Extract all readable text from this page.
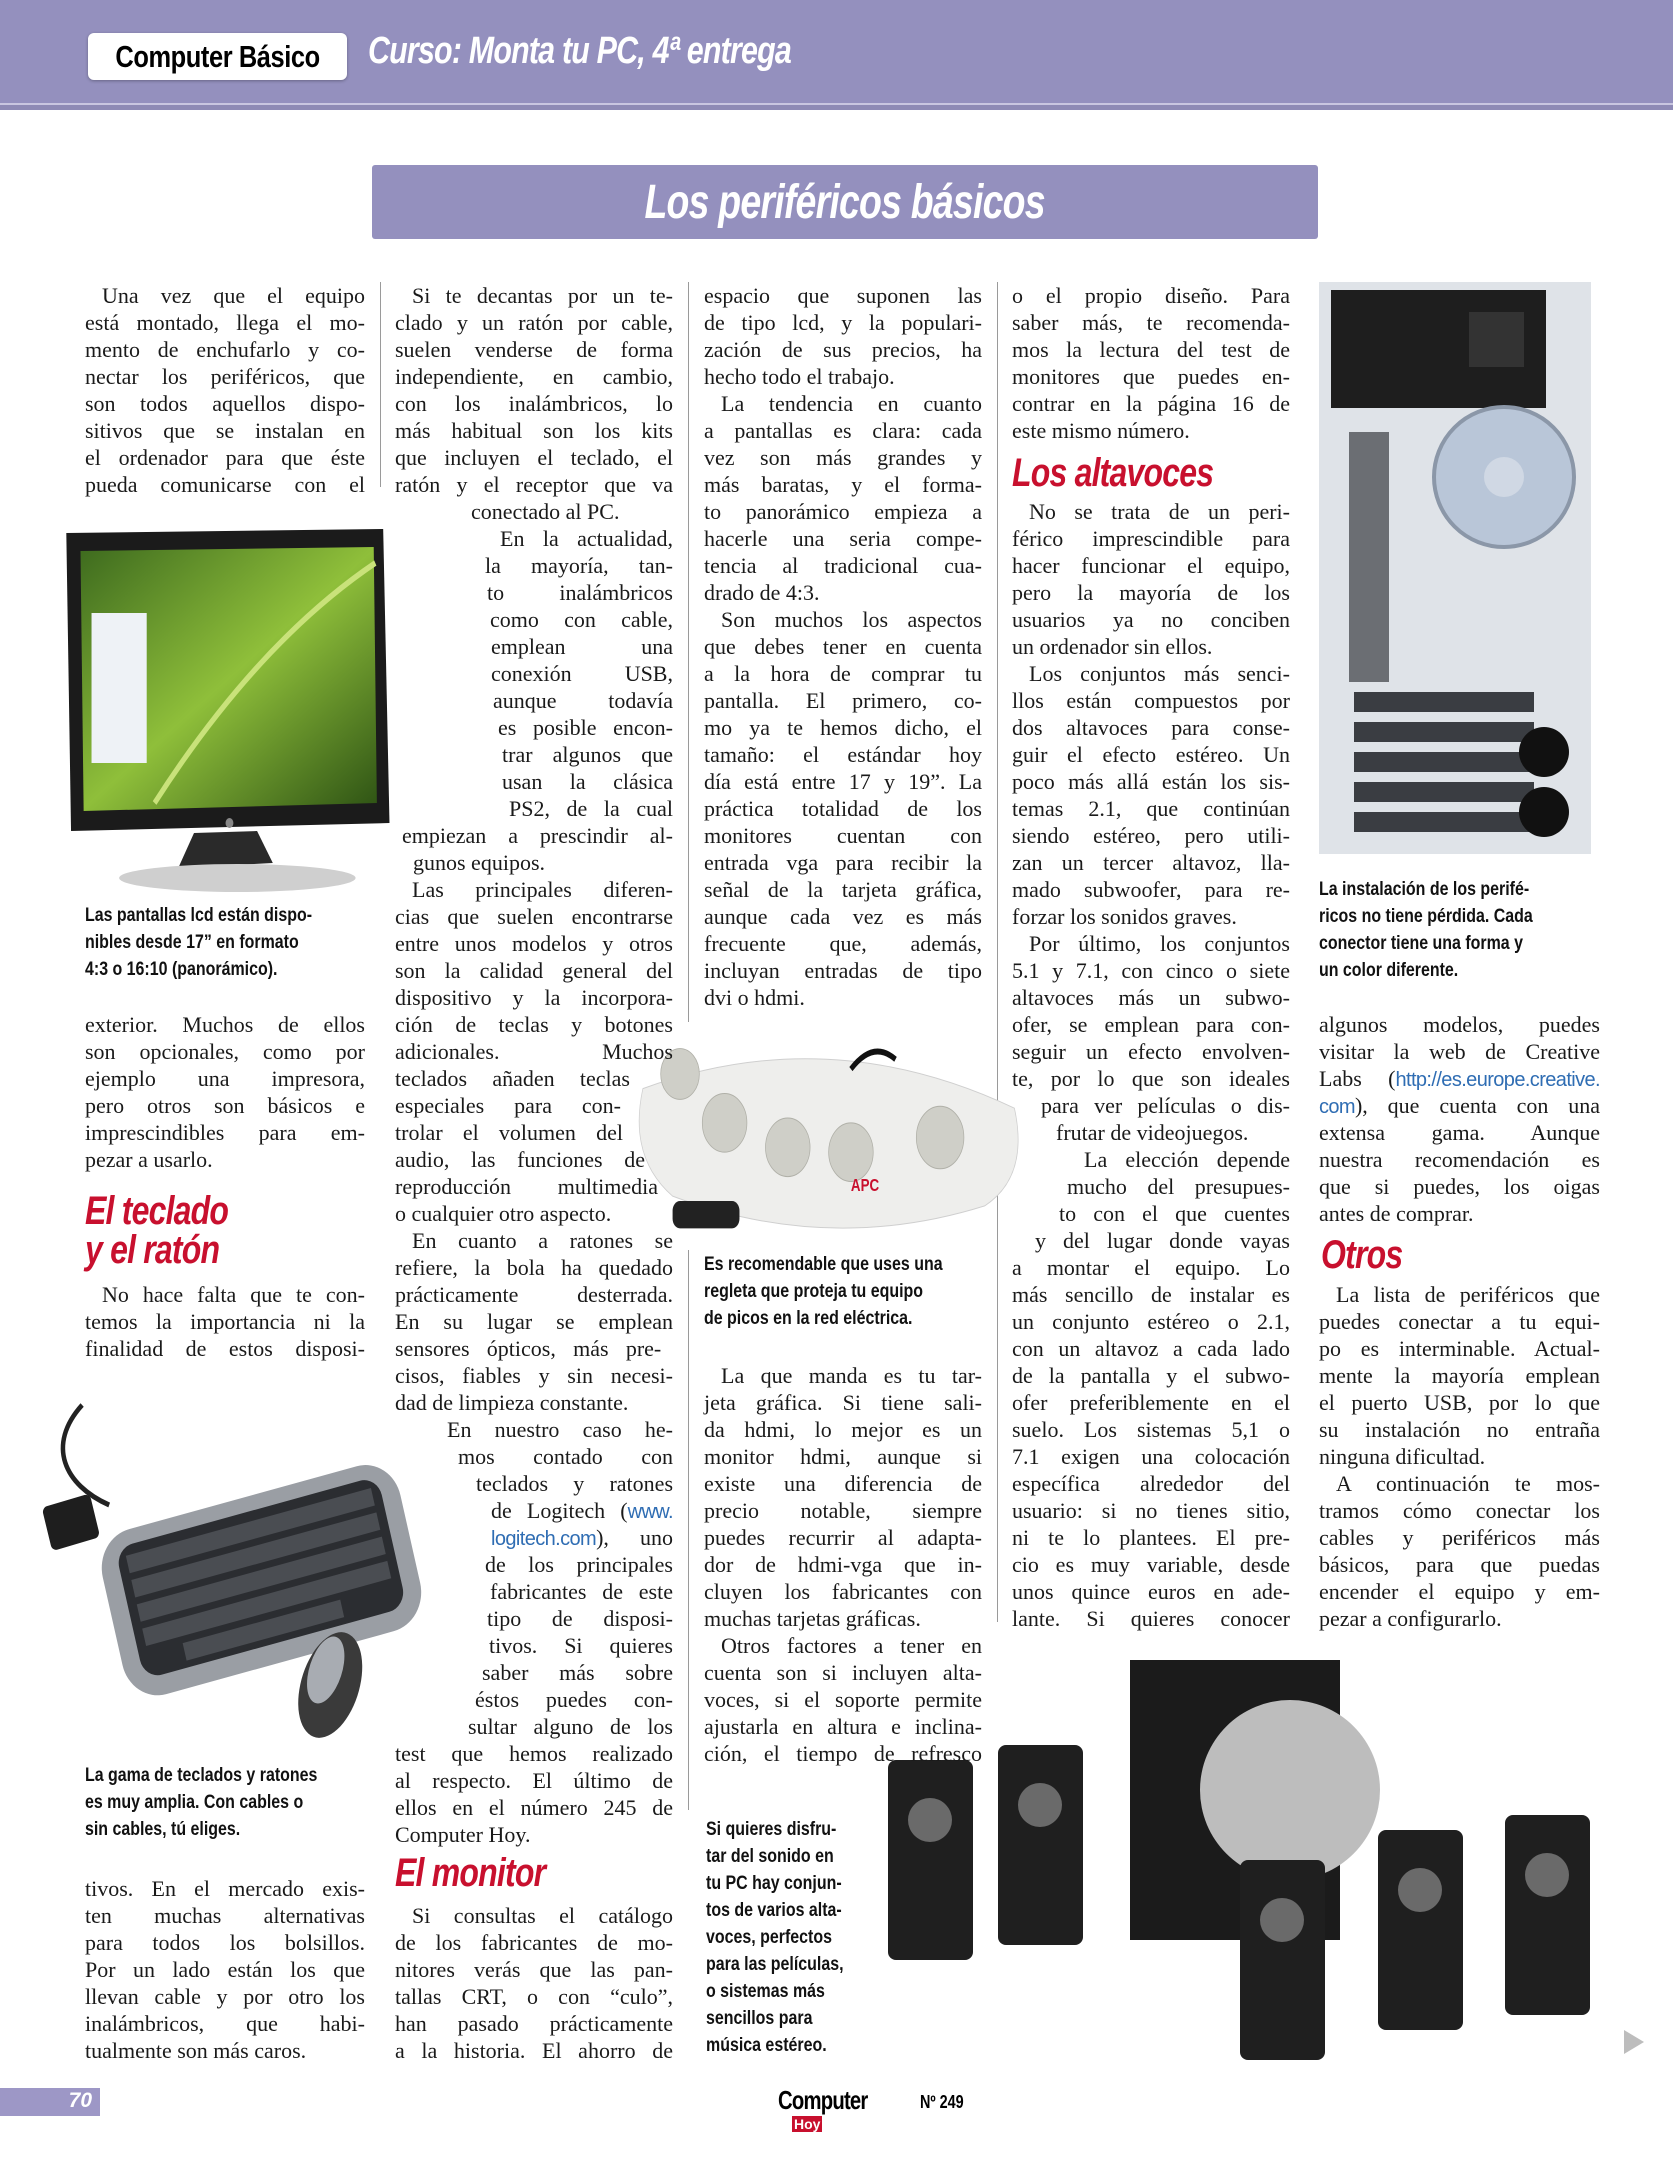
Computer Básico Curso: Monta tu PC, 4ª entrega
Los periféricos básicos
APC
Una vez que el equipo
está montado, llega el mo-
mento de enchufarlo y co-
nectar los periféricos, que
son todos aquellos dispo-
sitivos que se instalan en
el ordenador para que éste
pueda comunicarse con el
exterior. Muchos de ellos
son opcionales, como por
ejemplo una impresora,
pero otros son básicos e
imprescindibles para em-
pezar a usarlo.
No hace falta que te con-
temos la importancia ni la
finalidad de estos disposi-
tivos. En el mercado exis-
ten muchas alternativas
para todos los bolsillos.
Por un lado están los que
llevan cable y por otro los
inalámbricos, que habi-
tualmente son más caros.
Si te decantas por un te-
clado y un ratón por cable,
suelen venderse de forma
independiente, en cambio,
con los inalámbricos, lo
más habitual son los kits
que incluyen el teclado, el
ratón y el receptor que va
conectado al PC.
En la actualidad,
la mayoría, tan-
to inalámbricos
como con cable,
emplean una
conexión USB,
aunque todavía
es posible encon-
trar algunos que
usan la clásica
PS2, de la cual
empiezan a prescindir al-
gunos equipos.
Las principales diferen-
cias que suelen encontrarse
entre unos modelos y otros
son la calidad general del
dispositivo y la incorpora-
ción de teclas y botones
adicionales. Muchos
teclados añaden teclas
especiales para con-
trolar el volumen del
audio, las funciones de
reproducción multimedia
o cualquier otro aspecto.
En cuanto a ratones se
refiere, la bola ha quedado
prácticamente desterrada.
En su lugar se emplean
sensores ópticos, más pre-
cisos, fiables y sin necesi-
dad de limpieza constante.
En nuestro caso he-
mos contado con
teclados y ratones
de Logitech (www.
logitech.com), uno
de los principales
fabricantes de este
tipo de disposi-
tivos. Si quieres
saber más sobre
éstos puedes con-
sultar alguno de los
test que hemos realizado
al respecto. El último de
ellos en el número 245 de
Computer Hoy.
Si consultas el catálogo
de los fabricantes de mo-
nitores verás que las pan-
tallas CRT, o con “culo”,
han pasado prácticamente
a la historia. El ahorro de
espacio que suponen las
de tipo lcd, y la populari-
zación de sus precios, ha
hecho todo el trabajo.
La tendencia en cuanto
a pantallas es clara: cada
vez son más grandes y
más baratas, y el forma-
to panorámico empieza a
hacerle una seria compe-
tencia al tradicional cua-
drado de 4:3.
Son muchos los aspectos
que debes tener en cuenta
a la hora de comprar tu
pantalla. El primero, co-
mo ya te hemos dicho, el
tamaño: el estándar hoy
día está entre 17 y 19”. La
práctica totalidad de los
monitores cuentan con
entrada vga para recibir la
señal de la tarjeta gráfica,
aunque cada vez es más
frecuente que, además,
incluyan entradas de tipo
dvi o hdmi.
La que manda es tu tar-
jeta gráfica. Si tiene sali-
da hdmi, lo mejor es un
monitor hdmi, aunque si
existe una diferencia de
precio notable, siempre
puedes recurrir al adapta-
dor de hdmi-vga que in-
cluyen los fabricantes con
muchas tarjetas gráficas.
Otros factores a tener en
cuenta son si incluyen alta-
voces, si el soporte permite
ajustarla en altura e inclina-
ción, el tiempo de refresco
o el propio diseño. Para
saber más, te recomenda-
mos la lectura del test de
monitores que puedes en-
contrar en la página 16 de
este mismo número.
No se trata de un peri-
férico imprescindible para
hacer funcionar el equipo,
pero la mayoría de los
usuarios ya no conciben
un ordenador sin ellos.
Los conjuntos más senci-
llos están compuestos por
dos altavoces para conse-
guir el efecto estéreo. Un
poco más allá están los sis-
temas 2.1, que continúan
siendo estéreo, pero utili-
zan un tercer altavoz, lla-
mado subwoofer, para re-
forzar los sonidos graves.
Por último, los conjuntos
5.1 y 7.1, con cinco o siete
altavoces más un subwo-
ofer, se emplean para con-
seguir un efecto envolven-
te, por lo que son ideales
para ver películas o dis-
frutar de videojuegos.
La elección depende
mucho del presupues-
to con el que cuentes
y del lugar donde vayas
a montar el equipo. Lo
más sencillo de instalar es
un conjunto estéreo o 2.1,
con un altavoz a cada lado
de la pantalla y el subwo-
ofer preferiblemente en el
suelo. Los sistemas 5,1 o
7.1 exigen una colocación
específica alrededor del
usuario: si no tienes sitio,
ni te lo plantees. El pre-
cio es muy variable, desde
unos quince euros en ade-
lante. Si quieres conocer
algunos modelos, puedes
visitar la web de Creative
Labs (http://es.europe.creative.
com), que cuenta con una
extensa gama. Aunque
nuestra recomendación es
que si puedes, los oigas
antes de comprar.
La lista de periféricos que
puedes conectar a tu equi-
po es interminable. Actual-
mente la mayoría emplean
el puerto USB, por lo que
su instalación no entraña
ninguna dificultad.
A continuación te mos-
tramos cómo conectar los
cables y periféricos más
básicos, para que puedas
encender el equipo y em-
pezar a configurarlo.
El teclado
y el ratón
El monitor
Los altavoces
Otros
Las pantallas lcd están dispo-
nibles desde 17” en formato
4:3 o 16:10 (panorámico).
La gama de teclados y ratones
es muy amplia. Con cables o
sin cables, tú eliges.
Es recomendable que uses una
regleta que proteja tu equipo
de picos en la red eléctrica.
La instalación de los perifé-
ricos no tiene pérdida. Cada
conector tiene una forma y
un color diferente.
Si quieres disfru-
tar del sonido en
tu PC hay conjun-
tos de varios alta-
voces, perfectos
para las películas,
o sistemas más
sencillos para
música estéreo.
70	Computer
Hoy
Nº 249
